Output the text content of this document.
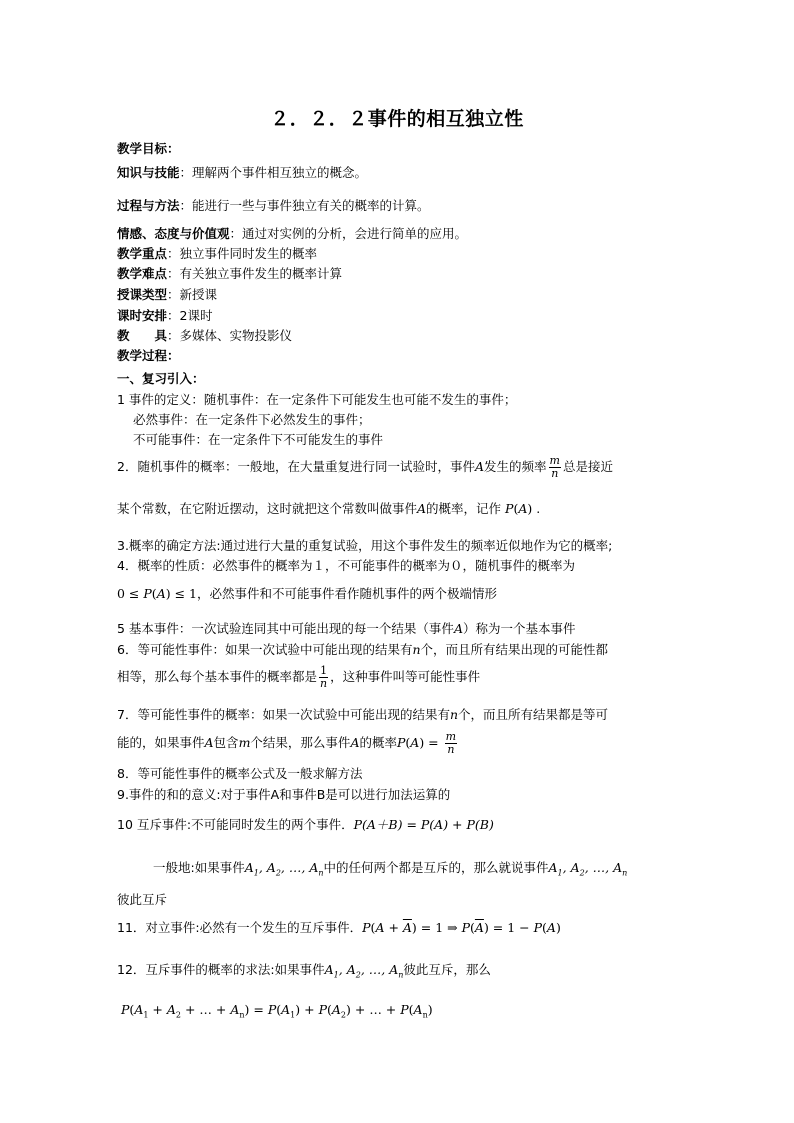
２．２．２事件的相互独立性
教学目标：
知识与技能：理解两个事件相互独立的概念。
过程与方法：能进行一些与事件独立有关的概率的计算。
情感、态度与价值观：通过对实例的分析，会进行简单的应用。
教学重点：独立事件同时发生的概率
教学难点：有关独立事件发生的概率计算
授课类型：新授课
课时安排：2课时
教　　具：多媒体、实物投影仪
教学过程：
一、复习引入：
1 事件的定义：随机事件：在一定条件下可能发生也可能不发生的事件；
必然事件：在一定条件下必然发生的事件；
不可能事件：在一定条件下不可能发生的事件
2．随机事件的概率：一般地，在大量重复进行同一试验时，事件A发生的频率 $\frac{m}{n}$ 总是接近
某个常数，在它附近摆动，这时就把这个常数叫做事件A的概率，记作 P(A) .
3.概率的确定方法:通过进行大量的重复试验，用这个事件发生的频率近似地作为它的概率;
4．概率的性质：必然事件的概率为１，不可能事件的概率为０，随机事件的概率为
0 ≤ P(A) ≤ 1，必然事件和不可能事件看作随机事件的两个极端情形
5 基本事件：一次试验连同其中可能出现的每一个结果（事件A）称为一个基本事件
6．等可能性事件：如果一次试验中可能出现的结果有n个，而且所有结果出现的可能性都
相等，那么每个基本事件的概率都是 $\frac{1}{n}$ ，这种事件叫等可能性事件
7．等可能性事件的概率：如果一次试验中可能出现的结果有n个，而且所有结果都是等可
能的，如果事件A包含m个结果，那么事件A的概率$P(A) = \frac{m}{n}$
8．等可能性事件的概率公式及一般求解方法
9.事件的和的意义:对于事件A和事件B是可以进行加法运算的
10 互斥事件:不可能同时发生的两个事件．P(A＋B) = P(A) + P(B)
一般地:如果事件$A_1$, $A_2$, …, $A_n$中的任何两个都是互斥的，那么就说事件$A_1$, $A_2$, …, $A_n$
彼此互斥
11．对立事件:必然有一个发生的互斥事件．$P(A + \overline{A}) = 1$ ⇒ $P(\overline{A}) = 1 - P(A)$
12．互斥事件的概率的求法:如果事件$A_1$, $A_2$, …, $A_n$彼此互斥，那么
$P(A_1 + A_2$ + … + $A_n) = P(A_1) + P(A_2)$ + … + $P(A_n)$
